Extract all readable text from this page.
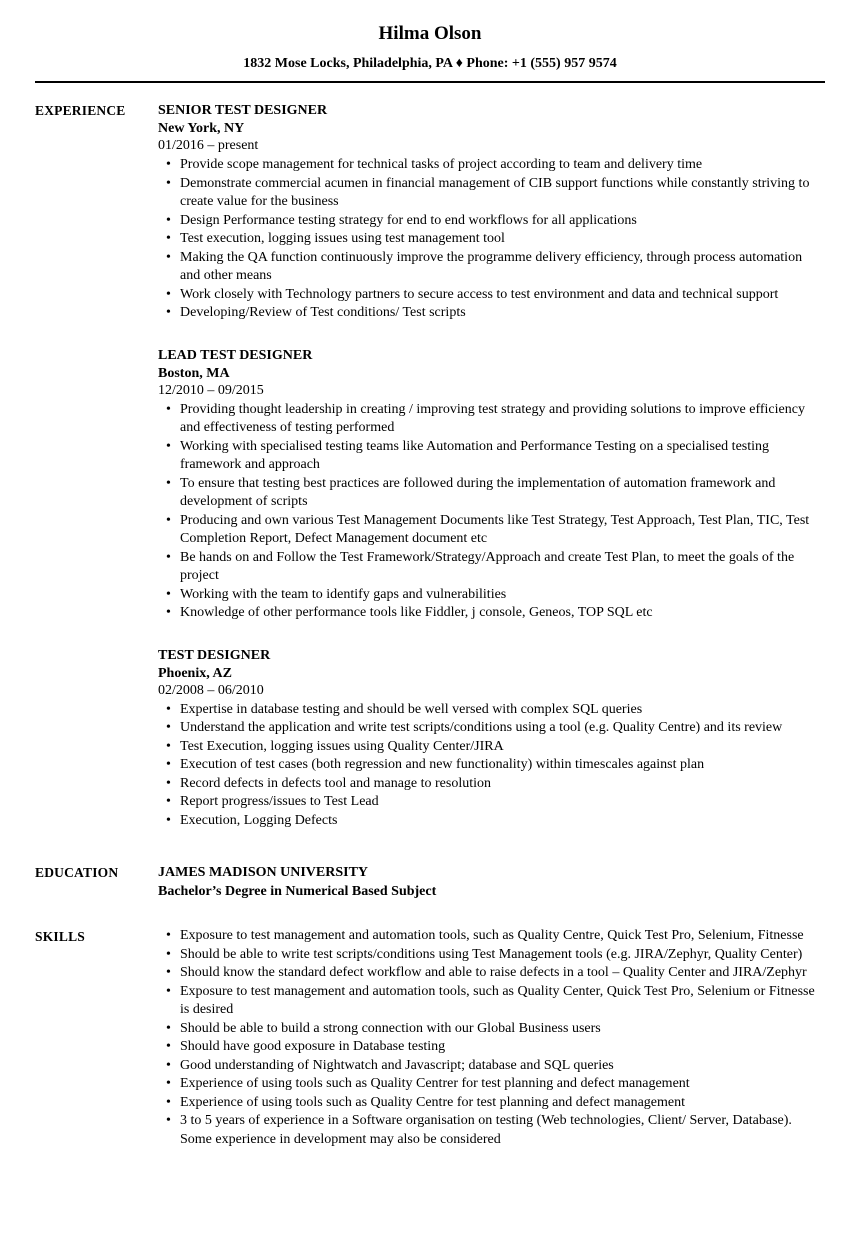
Hilma Olson
1832 Mose Locks, Philadelphia, PA ♦ Phone: +1 (555) 957 9574
EXPERIENCE	SENIOR TEST DESIGNER
New York, NY
01/2016 – present
• Provide scope management for technical tasks of project according to team and delivery time
• Demonstrate commercial acumen in financial management of CIB support functions while constantly striving to create value for the business
• Design Performance testing strategy for end to end workflows for all applications
• Test execution, logging issues using test management tool
• Making the QA function continuously improve the programme delivery efficiency, through process automation and other means
• Work closely with Technology partners to secure access to test environment and data and technical support
• Developing/Review of Test conditions/ Test scripts
LEAD TEST DESIGNER
Boston, MA
12/2010 – 09/2015
• Providing thought leadership in creating / improving test strategy and providing solutions to improve efficiency and effectiveness of testing performed
• Working with specialised testing teams like Automation and Performance Testing on a specialised testing framework and approach
• To ensure that testing best practices are followed during the implementation of automation framework and development of scripts
• Producing and own various Test Management Documents like Test Strategy, Test Approach, Test Plan, TIC, Test Completion Report, Defect Management document etc
• Be hands on and Follow the Test Framework/Strategy/Approach and create Test Plan, to meet the goals of the project
• Working with the team to identify gaps and vulnerabilities
• Knowledge of other performance tools like Fiddler, j console, Geneos, TOP SQL etc
TEST DESIGNER
Phoenix, AZ
02/2008 – 06/2010
• Expertise in database testing and should be well versed with complex SQL queries
• Understand the application and write test scripts/conditions using a tool (e.g. Quality Centre) and its review
• Test Execution, logging issues using Quality Center/JIRA
• Execution of test cases (both regression and new functionality) within timescales against plan
• Record defects in defects tool and manage to resolution
• Report progress/issues to Test Lead
• Execution, Logging Defects
EDUCATION	JAMES MADISON UNIVERSITY
Bachelor’s Degree in Numerical Based Subject
SKILLS	• Exposure to test management and automation tools, such as Quality Centre, Quick Test Pro, Selenium, Fitnesse
• Should be able to write test scripts/conditions using Test Management tools (e.g. JIRA/Zephyr, Quality Center)
• Should know the standard defect workflow and able to raise defects in a tool – Quality Center and JIRA/Zephyr
• Exposure to test management and automation tools, such as Quality Center, Quick Test Pro, Selenium or Fitnesse is desired
• Should be able to build a strong connection with our Global Business users
• Should have good exposure in Database testing
• Good understanding of Nightwatch and Javascript; database and SQL queries
• Experience of using tools such as Quality Centrer for test planning and defect management
• Experience of using tools such as Quality Centre for test planning and defect management
• 3 to 5 years of experience in a Software organisation on testing (Web technologies, Client/ Server, Database). Some experience in development may also be considered
